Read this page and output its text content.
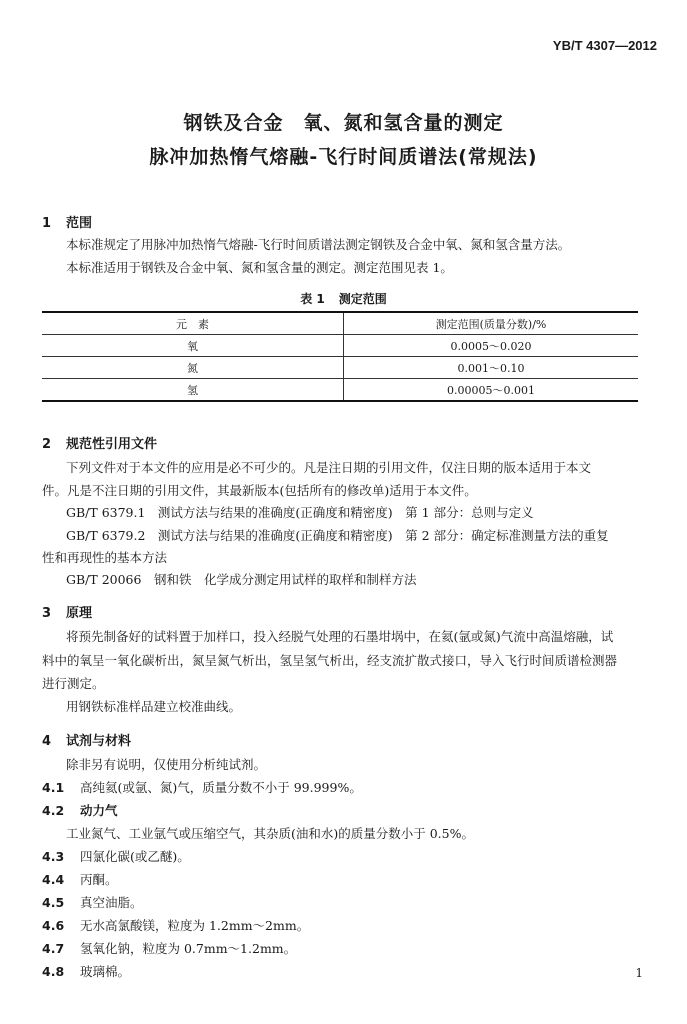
YB/T 4307—2012
钢铁及合金　氧、氮和氢含量的测定
脉冲加热惰气熔融-飞行时间质谱法(常规法)
1 范围
本标准规定了用脉冲加热惰气熔融-飞行时间质谱法测定钢铁及合金中氧、氮和氢含量方法。
本标准适用于钢铁及合金中氧、氮和氢含量的测定。测定范围见表 1。
表 1 测定范围
元　素	测定范围(质量分数)/%
氧	0.0005～0.020
氮	0.001～0.10
氢	0.00005～0.001
2 规范性引用文件
下列文件对于本文件的应用是必不可少的。凡是注日期的引用文件，仅注日期的版本适用于本文
件。凡是不注日期的引用文件，其最新版本(包括所有的修改单)适用于本文件。
GB/T 6379.1　测试方法与结果的准确度(正确度和精密度)　第 1 部分：总则与定义
GB/T 6379.2　测试方法与结果的准确度(正确度和精密度)　第 2 部分：确定标准测量方法的重复
性和再现性的基本方法
GB/T 20066　钢和铁　化学成分测定用试样的取样和制样方法
3 原理
将预先制备好的试料置于加样口，投入经脱气处理的石墨坩埚中，在氦(氩或氮)气流中高温熔融，试
料中的氧呈一氧化碳析出，氮呈氮气析出，氢呈氢气析出，经支流扩散式接口，导入飞行时间质谱检测器
进行测定。
用钢铁标准样品建立校准曲线。
4 试剂与材料
除非另有说明，仅使用分析纯试剂。
4.1 高纯氦(或氩、氮)气，质量分数不小于 99.999%。
4.2 动力气
工业氮气、工业氩气或压缩空气，其杂质(油和水)的质量分数小于 0.5%。
4.3 四氯化碳(或乙醚)。
4.4 丙酮。
4.5 真空油脂。
4.6 无水高氯酸镁，粒度为 1.2mm～2mm。
4.7 氢氧化钠，粒度为 0.7mm～1.2mm。
4.8 玻璃棉。	1
